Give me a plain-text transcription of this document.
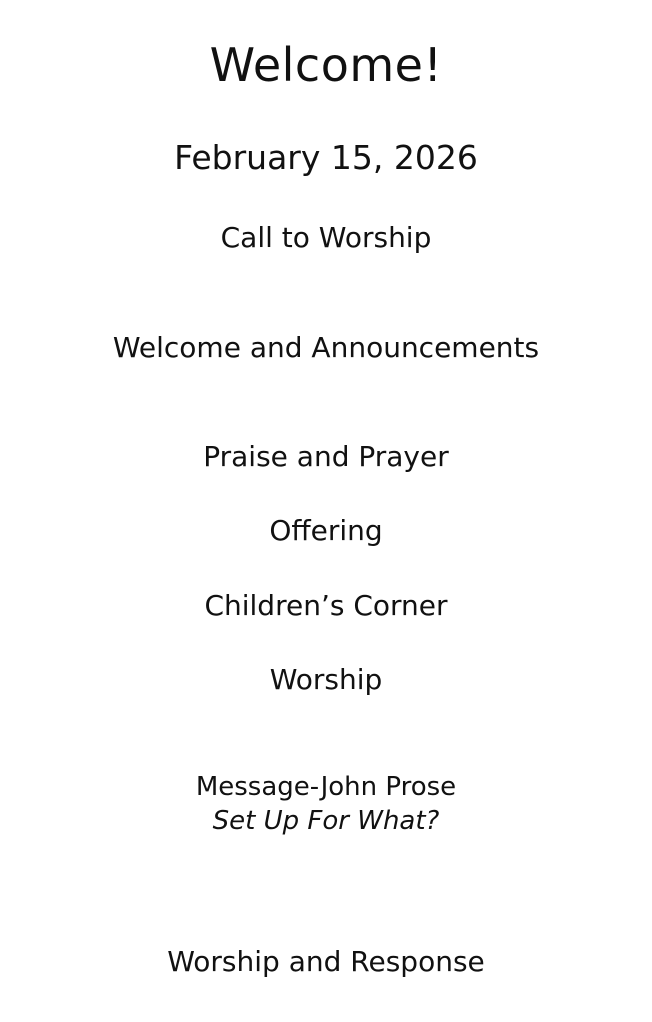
Welcome!
February 15, 2026
Call to Worship
Welcome and Announcements
Praise and Prayer
Offering
Children’s Corner
Worship
Message-John Prose
Set Up For What?
Worship and Response
